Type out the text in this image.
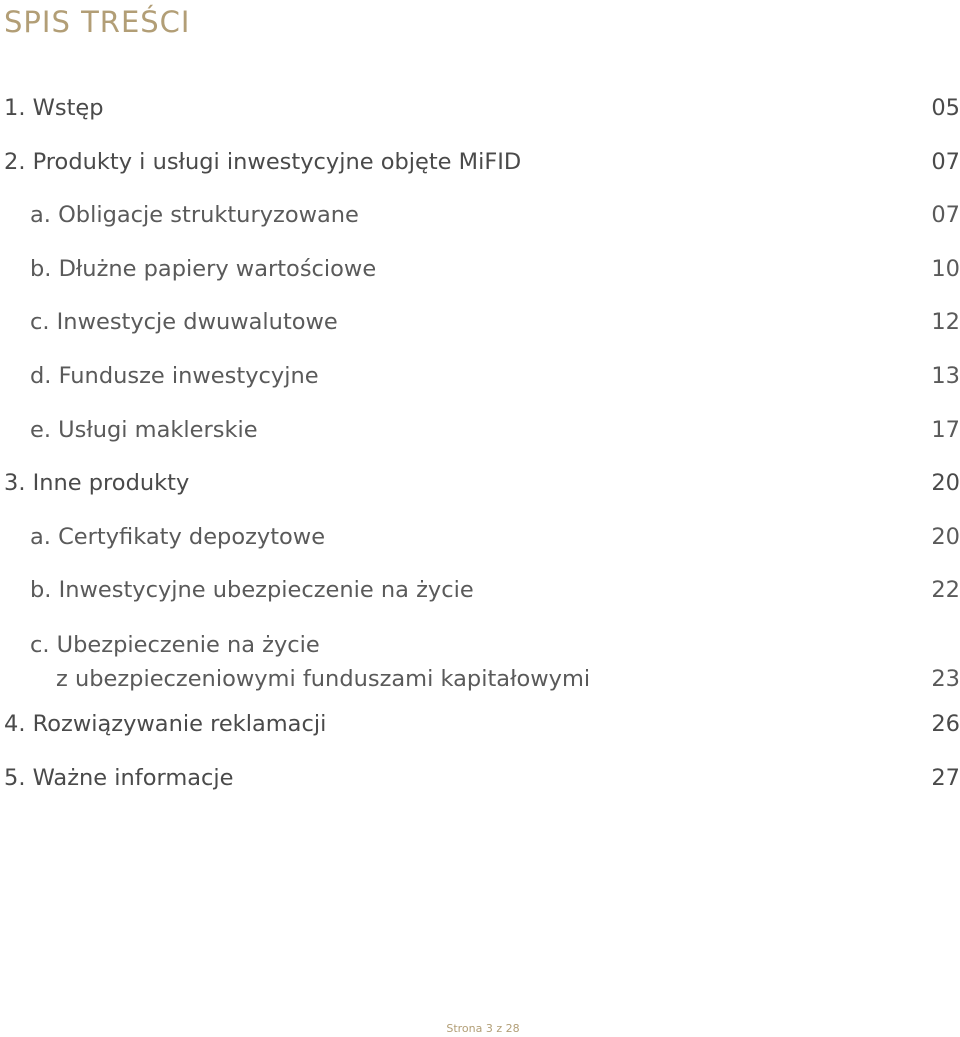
SPIS TREŚCI
1. Wstęp	05
2. Produkty i usługi inwestycyjne objęte MiFID	07
a. Obligacje strukturyzowane	07
b. Dłużne papiery wartościowe	10
c. Inwestycje dwuwalutowe	12
d. Fundusze inwestycyjne	13
e. Usługi maklerskie	17
3. Inne produkty	20
a. Certyfikaty depozytowe	20
b. Inwestycyjne ubezpieczenie na życie	22
c. Ubezpieczenie na życie
z ubezpieczeniowymi funduszami kapitałowymi	23
4. Rozwiązywanie reklamacji	26
5. Ważne informacje	27
Strona 3 z 28
